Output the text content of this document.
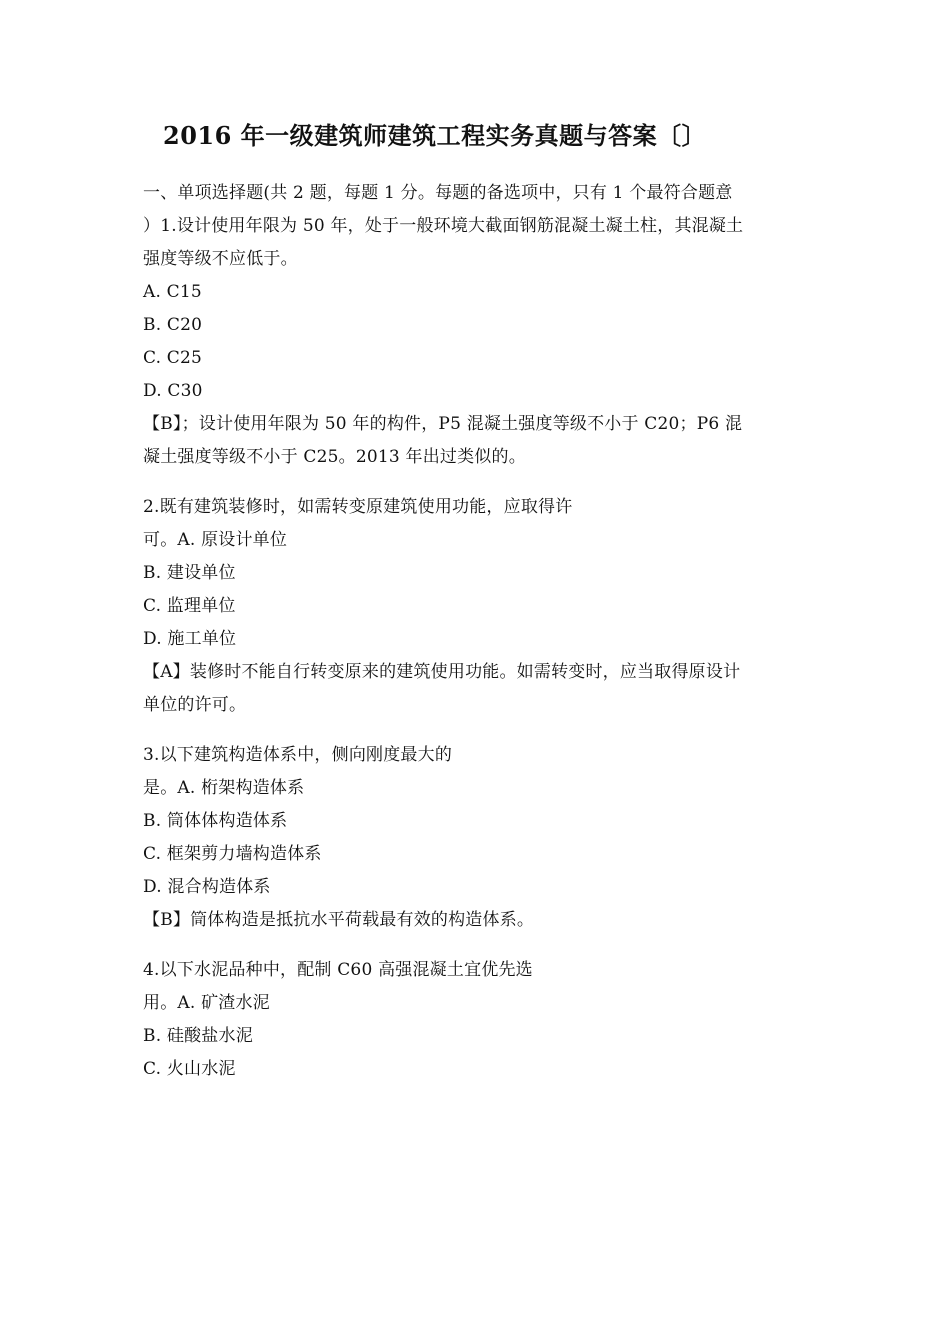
2016 年一级建筑师建筑工程实务真题与答案〔〕
一、单项选择题(共 2 题，每题 1 分。每题的备选项中，只有 1 个最符合题意
）1.设计使用年限为 50 年，处于一般环境大截面钢筋混凝土凝土柱，其混凝土
强度等级不应低于。
A. C15
B. C20
C. C25
D. C30
【B】；设计使用年限为 50 年的构件，P5 混凝土强度等级不小于 C20；P6 混
凝土强度等级不小于 C25。2013 年出过类似的。
2.既有建筑装修时，如需转变原建筑使用功能，应取得许
可。A. 原设计单位
B. 建设单位
C. 监理单位
D. 施工单位
【A】装修时不能自行转变原来的建筑使用功能。如需转变时，应当取得原设计
单位的许可。
3.以下建筑构造体系中，侧向刚度最大的
是。A. 桁架构造体系
B. 筒体体构造体系
C. 框架剪力墙构造体系
D. 混合构造体系
【B】筒体构造是抵抗水平荷载最有效的构造体系。
4.以下水泥品种中，配制 C60 高强混凝土宜优先选
用。A. 矿渣水泥
B. 硅酸盐水泥
C. 火山水泥
